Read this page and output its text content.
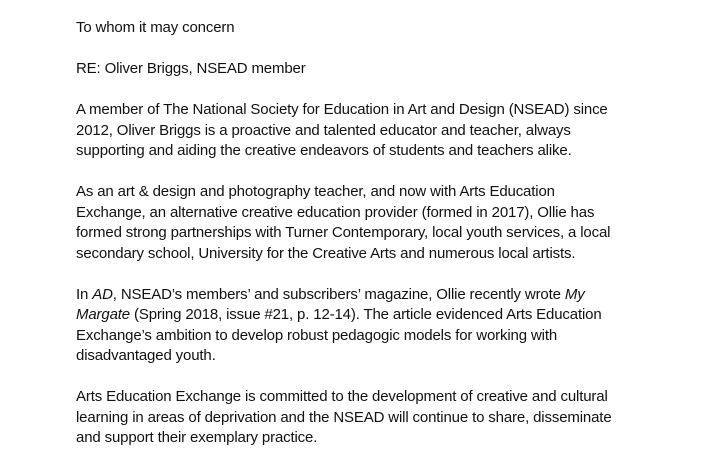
To whom it may concern

RE: Oliver Briggs, NSEAD member

A member of The National Society for Education in Art and Design (NSEAD) since
2012, Oliver Briggs is a proactive and talented educator and teacher, always
supporting and aiding the creative endeavors of students and teachers alike.

As an art & design and photography teacher, and now with Arts Education
Exchange, an alternative creative education provider (formed in 2017), Ollie has
formed strong partnerships with Turner Contemporary, local youth services, a local
secondary school, University for the Creative Arts and numerous local artists.

In AD, NSEAD’s members’ and subscribers’ magazine, Ollie recently wrote My
Margate (Spring 2018, issue #21, p. 12-14). The article evidenced Arts Education
Exchange’s ambition to develop robust pedagogic models for working with
disadvantaged youth.

Arts Education Exchange is committed to the development of creative and cultural
learning in areas of deprivation and the NSEAD will continue to share, disseminate
and support their exemplary practice.
